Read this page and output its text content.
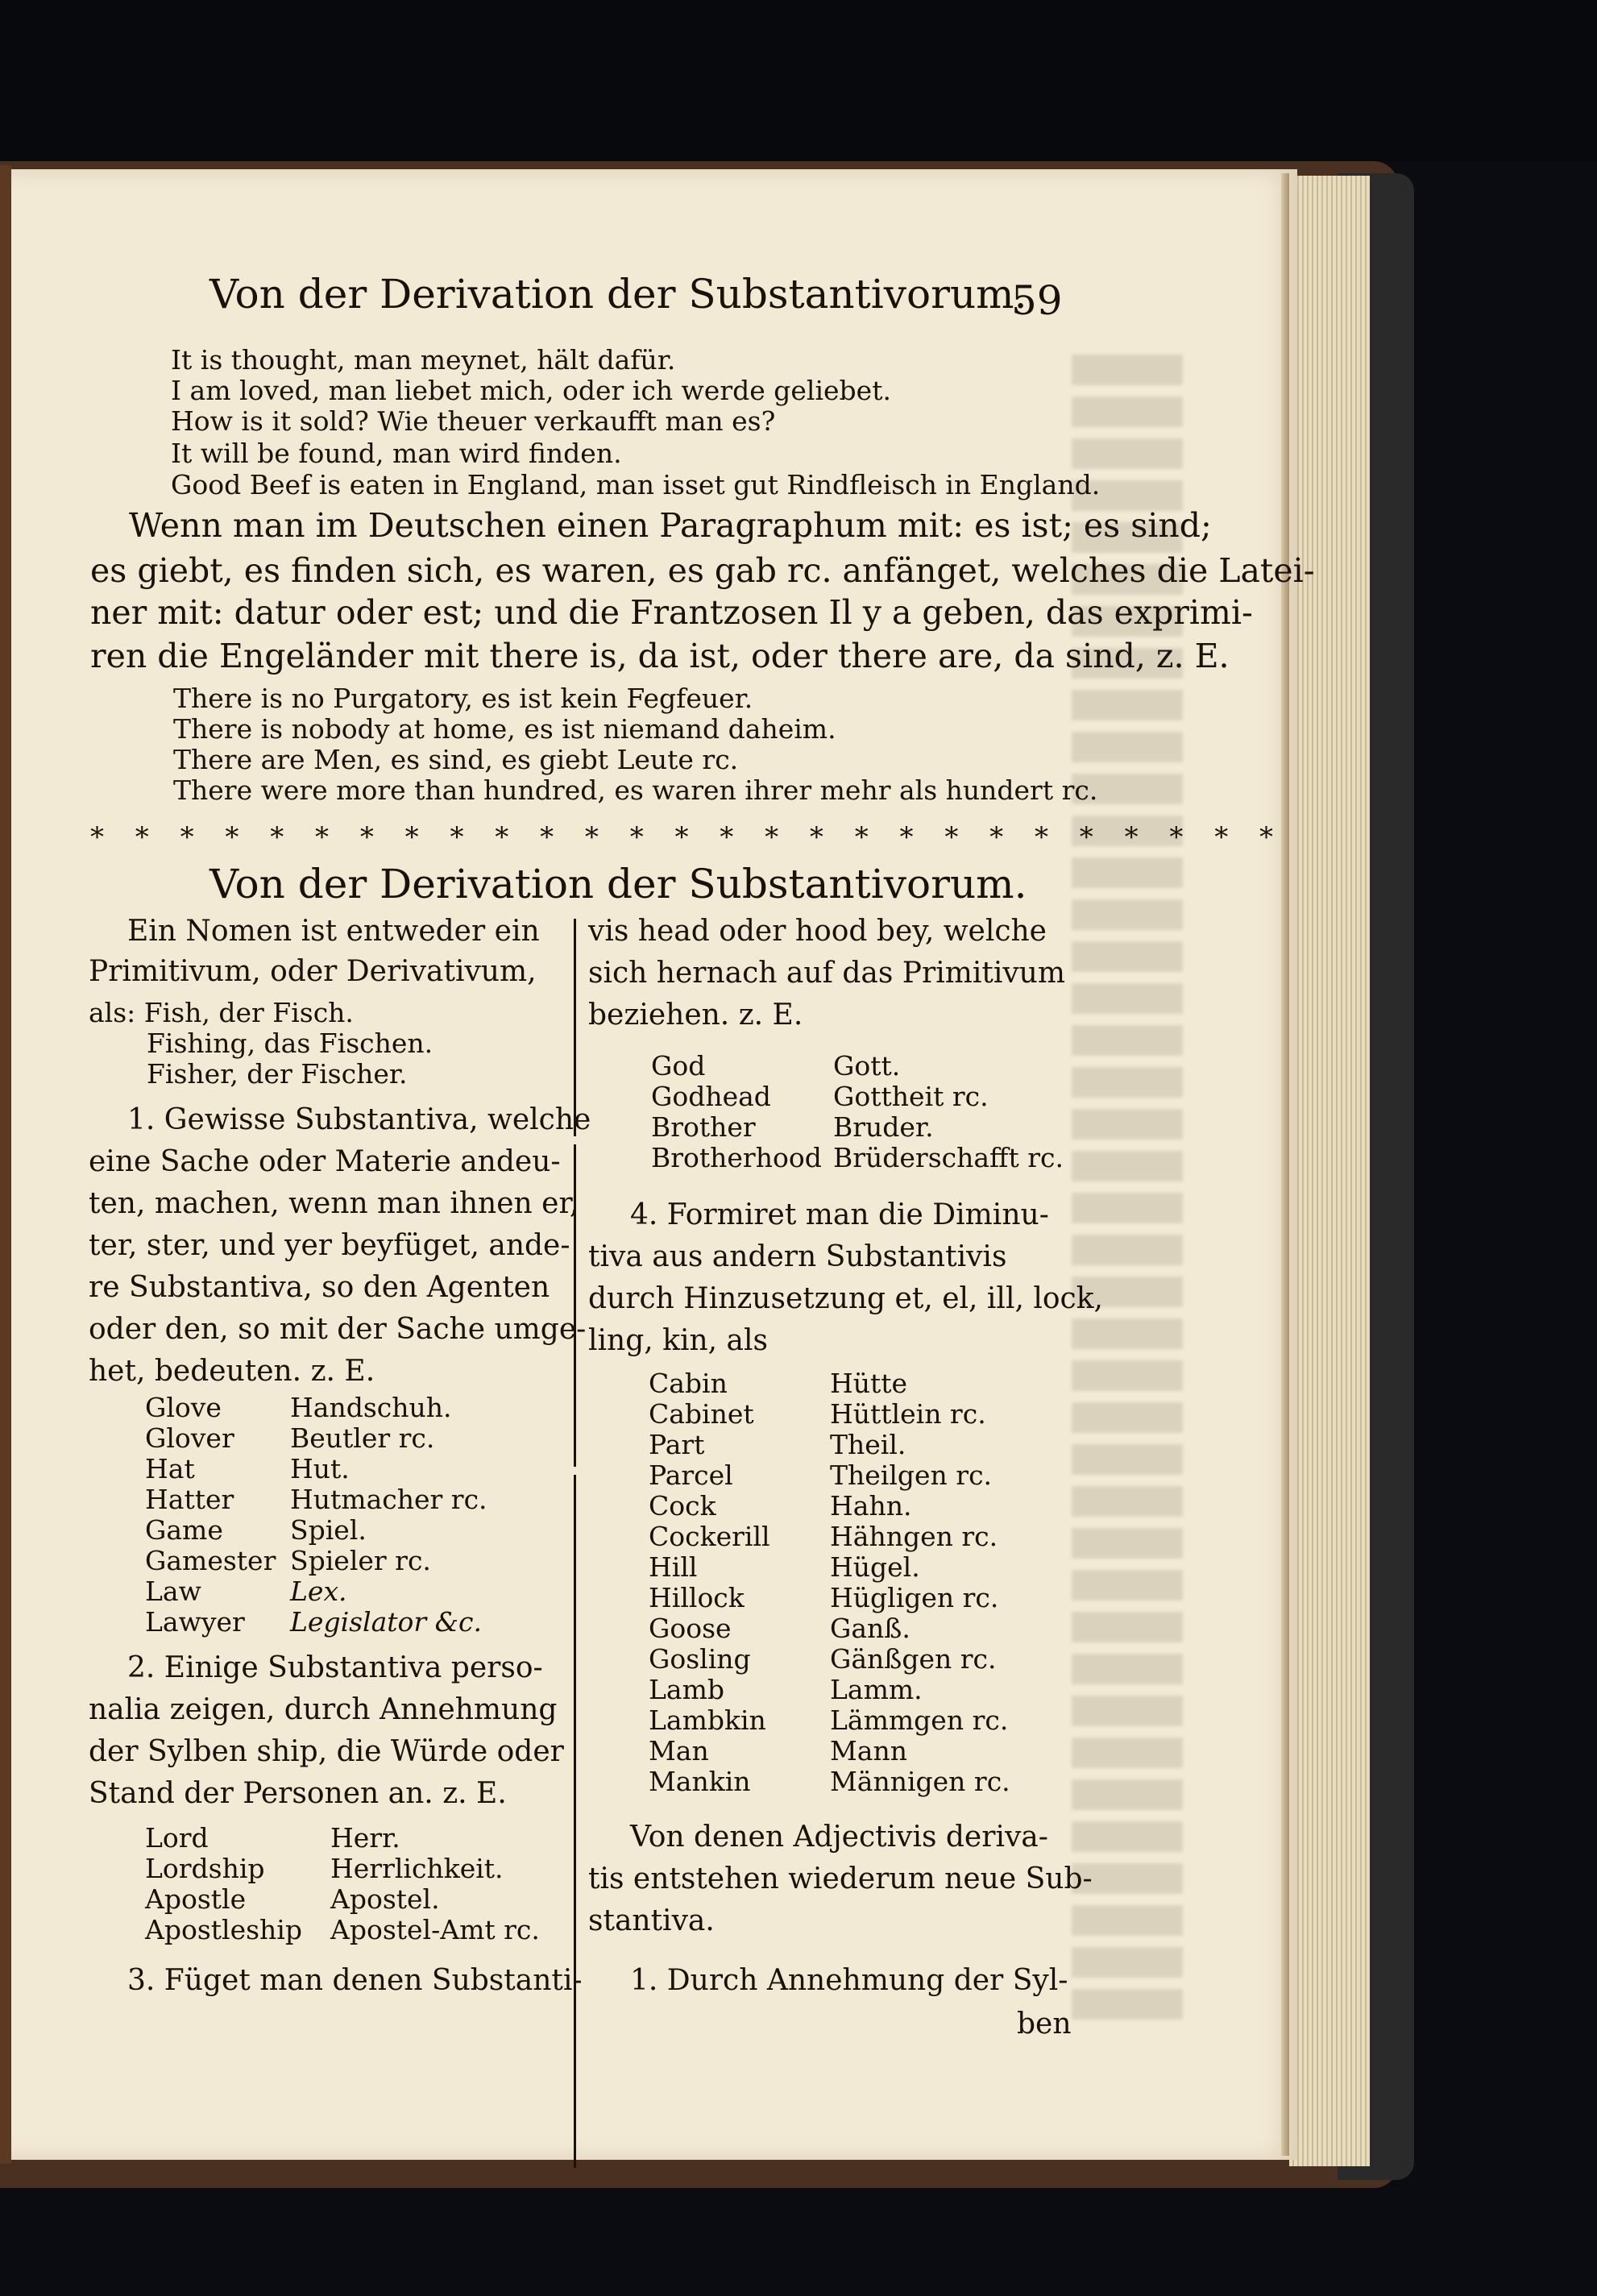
Von der Derivation der Substantivorum.
59
It is thought, man meynet, hält dafür.
I am loved, man liebet mich, oder ich werde geliebet.
How is it sold? Wie theuer verkaufft man es?
It will be found, man wird finden.
Good Beef is eaten in England, man isset gut Rindfleisch in England.
Wenn man im Deutschen einen Paragraphum mit: es ist; es sind;
es giebt, es finden sich, es waren, es gab rc. anfänget, welches die Latei-
ner mit: datur oder est; und die Frantzosen Il y a geben, das exprimi-
ren die Engeländer mit there is, da ist, oder there are, da sind, z. E.
There is no Purgatory, es ist kein Fegfeuer.
There is nobody at home, es ist niemand daheim.
There are Men, es sind, es giebt Leute rc.
There were more than hundred, es waren ihrer mehr als hundert rc.
* * * * * * * * * * * * * * * * * * * * * * * * * * *
Von der Derivation der Substantivorum.
Ein Nomen ist entweder ein
Primitivum, oder Derivativum,
als: Fish, der Fisch.
Fishing, das Fischen.
Fisher, der Fischer.
1. Gewisse Substantiva, welche
eine Sache oder Materie andeu-
ten, machen, wenn man ihnen er,
ter, ster, und yer beyfüget, ande-
re Substantiva, so den Agenten
oder den, so mit der Sache umge-
het, bedeuten. z. E.
Glove	Handschuh.
Glover Beutler rc.
Hat	Hut.
Hatter Hutmacher rc.
Game	Spiel.
Gamester Spieler rc.
Law	Lex.
Lawyer Legislator &c.
2. Einige Substantiva perso-
nalia zeigen, durch Annehmung
der Sylben ship, die Würde oder
Stand der Personen an. z. E.
Lord	Herr.
Lordship Herrlichkeit.
Apostle	Apostel.
Apostleship Apostel-Amt rc.
3. Füget man denen Substanti-
vis head oder hood bey, welche
sich hernach auf das Primitivum
beziehen. z. E.
God	Gott.
Godhead Gottheit rc.
Brother	Bruder.
Brotherhood Brüderschafft rc.
4. Formiret man die Diminu-
tiva aus andern Substantivis
durch Hinzusetzung et, el, ill, lock,
ling, kin, als
Cabin	Hütte
Cabinet	Hüttlein rc.
Part	Theil.
Parcel	Theilgen rc.
Cock	Hahn.
Cockerill Hähngen rc.
Hill	Hügel.
Hillock	Hügligen rc.
Goose	Ganß.
Gosling	Gänßgen rc.
Lamb	Lamm.
Lambkin Lämmgen rc.
Man	Mann
Mankin	Männigen rc.
Von denen Adjectivis deriva-
tis entstehen wiederum neue Sub-
stantiva.
1. Durch Annehmung der Syl-
ben
